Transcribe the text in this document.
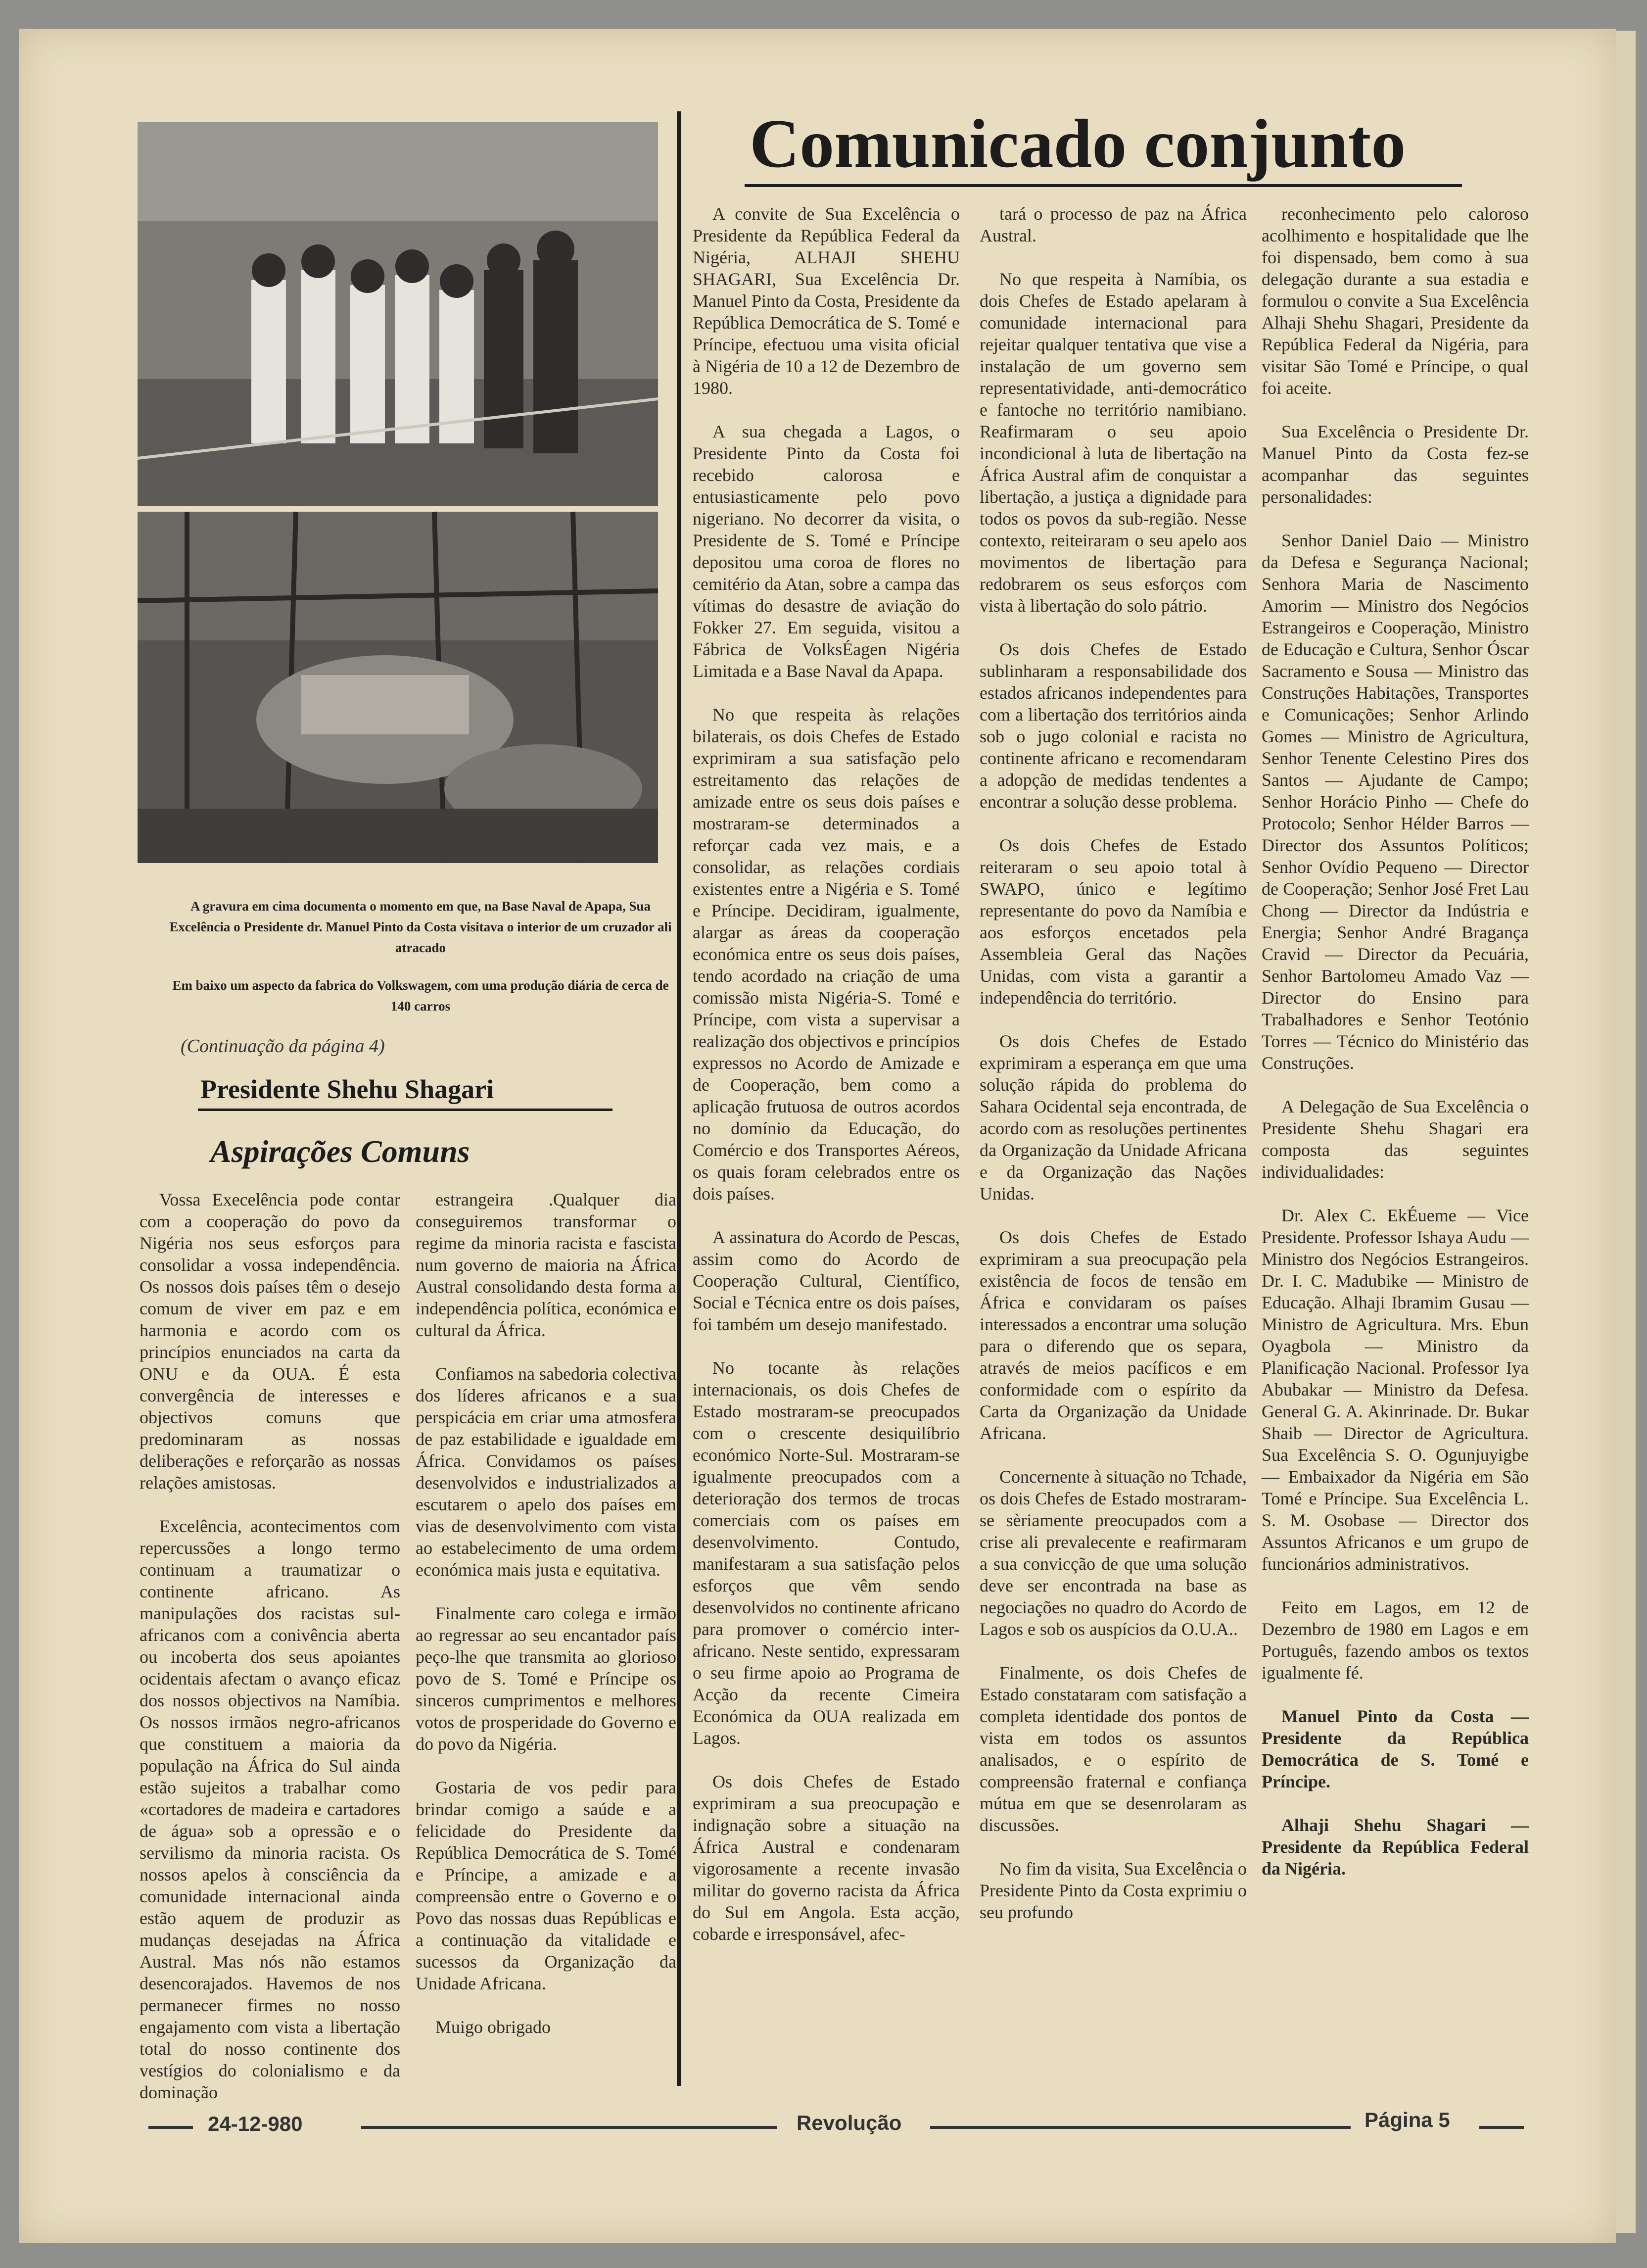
A gravura em cima documenta o momento em que, na Base Naval de Apapa, Sua Excelência o Presidente dr. Manuel Pinto da Costa visitava o interior de um cruzador ali atracado
Em baixo um aspecto da fabrica do Volkswagem, com uma produção diária de cerca de 140 carros
(Continuação da página 4)
Presidente Shehu Shagari
Aspirações Comuns

Vossa Execelência pode contar com a cooperação do povo da Nigéria nos seus esforços para consolidar a vossa independência. Os nossos dois países têm o desejo comum de viver em paz e em harmonia e acordo com os princípios enunciados na carta da ONU e da OUA. É esta convergência de interesses e objectivos comuns que predominaram as nossas deliberações e reforçarão as nossas relações amistosas.

Excelência, acontecimentos com repercussões a longo termo continuam a traumatizar o continente africano. As manipulações dos racistas sul-africanos com a conivência aberta ou incoberta dos seus apoiantes ocidentais afectam o avanço eficaz dos nossos objectivos na Namíbia. Os nossos irmãos negro-africanos que constituem a maioria da população na África do Sul ainda estão sujeitos a trabalhar como «cortadores de madeira e cartadores de água» sob a opressão e o servilismo da minoria racista. Os nossos apelos à consciência da comunidade internacional ainda estão aquem de produzir as mudanças desejadas na África Austral. Mas nós não estamos desencorajados. Havemos de nos permanecer firmes no nosso engajamento com vista a libertação total do nosso continente dos vestígios do colonialismo e da dominação

estrangeira .Qualquer dia conseguiremos transformar o regime da minoria racista e fascista num governo de maioria na África Austral consolidando desta forma a independência política, económica e cultural da África.

Confiamos na sabedoria colectiva dos líderes africanos e a sua perspicácia em criar uma atmosfera de paz estabilidade e igualdade em África. Convidamos os países desenvolvidos e industrializados a escutarem o apelo dos países em vias de desenvolvimento com vista ao estabelecimento de uma ordem económica mais justa e equitativa.

Finalmente caro colega e irmão ao regressar ao seu encantador país peço-lhe que transmita ao glorioso povo de S. Tomé e Príncipe os sinceros cumprimentos e melhores votos de prosperidade do Governo e do povo da Nigéria.

Gostaria de vos pedir para brindar comigo a saúde e a felicidade do Presidente da República Democrática de S. Tomé e Príncipe, a amizade e a compreensão entre o Governo e o Povo das nossas duas Repúblicas e a continuação da vitalidade e sucessos da Organização da Unidade Africana.

Muigo obrigado

Comunicado conjunto

A convite de Sua Excelência o Presidente da República Federal da Nigéria, ALHAJI SHEHU SHAGARI, Sua Excelência Dr. Manuel Pinto da Costa, Presidente da República Democrática de S. Tomé e Príncipe, efectuou uma visita oficial à Nigéria de 10 a 12 de Dezembro de 1980.

A sua chegada a Lagos, o Presidente Pinto da Costa foi recebido calorosa e entusiasticamente pelo povo nigeriano. No decorrer da visita, o Presidente de S. Tomé e Príncipe depositou uma coroa de flores no cemitério da Atan, sobre a campa das vítimas do desastre de aviação do Fokker 27. Em seguida, visitou a Fábrica de VolksÉagen Nigéria Limitada e a Base Naval da Apapa.

No que respeita às relações bilaterais, os dois Chefes de Estado exprimiram a sua satisfação pelo estreitamento das relações de amizade entre os seus dois países e mostraram-se determinados a reforçar cada vez mais, e a consolidar, as relações cordiais existentes entre a Nigéria e S. Tomé e Príncipe. Decidiram, igualmente, alargar as áreas da cooperação económica entre os seus dois países, tendo acordado na criação de uma comissão mista Nigéria-S. Tomé e Príncipe, com vista a supervisar a realização dos objectivos e princípios expressos no Acordo de Amizade e de Cooperação, bem como a aplicação frutuosa de outros acordos no domínio da Educação, do Comércio e dos Transportes Aéreos, os quais foram celebrados entre os dois países.

A assinatura do Acordo de Pescas, assim como do Acordo de Cooperação Cultural, Científico, Social e Técnica entre os dois países, foi também um desejo manifestado.

No tocante às relações internacionais, os dois Chefes de Estado mostraram-se preocupados com o crescente desiquilíbrio económico Norte-Sul. Mostraram-se igualmente preocupados com a deterioração dos termos de trocas comerciais com os países em desenvolvimento. Contudo, manifestaram a sua satisfação pelos esforços que vêm sendo desenvolvidos no continente africano para promover o comércio inter-africano. Neste sentido, expressaram o seu firme apoio ao Programa de Acção da recente Cimeira Económica da OUA realizada em Lagos.

Os dois Chefes de Estado exprimiram a sua preocupação e indignação sobre a situação na África Austral e condenaram vigorosamente a recente invasão militar do governo racista da África do Sul em Angola. Esta acção, cobarde e irresponsável, afec-

tará o processo de paz na África Austral.

No que respeita à Namíbia, os dois Chefes de Estado apelaram à comunidade internacional para rejeitar qualquer tentativa que vise a instalação de um governo sem representatividade, anti-democrático e fantoche no território namibiano. Reafirmaram o seu apoio incondicional à luta de libertação na África Austral afim de conquistar a libertação, a justiça a dignidade para todos os povos da sub-região. Nesse contexto, reiteiraram o seu apelo aos movimentos de libertação para redobrarem os seus esforços com vista à libertação do solo pátrio.

Os dois Chefes de Estado sublinharam a responsabilidade dos estados africanos independentes para com a libertação dos territórios ainda sob o jugo colonial e racista no continente africano e recomendaram a adopção de medidas tendentes a encontrar a solução desse problema.

Os dois Chefes de Estado reiteraram o seu apoio total à SWAPO, único e legítimo representante do povo da Namíbia e aos esforços encetados pela Assembleia Geral das Nações Unidas, com vista a garantir a independência do território.

Os dois Chefes de Estado exprimiram a esperança em que uma solução rápida do problema do Sahara Ocidental seja encontrada, de acordo com as resoluções pertinentes da Organização da Unidade Africana e da Organização das Nações Unidas.

Os dois Chefes de Estado exprimiram a sua preocupação pela existência de focos de tensão em África e convidaram os países interessados a encontrar uma solução para o diferendo que os separa, através de meios pacíficos e em conformidade com o espírito da Carta da Organização da Unidade Africana.

Concernente à situação no Tchade, os dois Chefes de Estado mostraram-se sèriamente preocupados com a crise ali prevalecente e reafirmaram a sua convicção de que uma solução deve ser encontrada na base as negociações no quadro do Acordo de Lagos e sob os auspícios da O.U.A..

Finalmente, os dois Chefes de Estado constataram com satisfação a completa identidade dos pontos de vista em todos os assuntos analisados, e o espírito de compreensão fraternal e confiança mútua em que se desenrolaram as discussões.

No fim da visita, Sua Excelência o Presidente Pinto da Costa exprimiu o seu profundo

reconhecimento pelo caloroso acolhimento e hospitalidade que lhe foi dispensado, bem como à sua delegação durante a sua estadia e formulou o convite a Sua Excelência Alhaji Shehu Shagari, Presidente da República Federal da Nigéria, para visitar São Tomé e Príncipe, o qual foi aceite.

Sua Excelência o Presidente Dr. Manuel Pinto da Costa fez-se acompanhar das seguintes personalidades:

Senhor Daniel Daio — Ministro da Defesa e Segurança Nacional; Senhora Maria de Nascimento Amorim — Ministro dos Negócios Estrangeiros e Cooperação, Ministro de Educação e Cultura, Senhor Óscar Sacramento e Sousa — Ministro das Construções Habitações, Transportes e Comunicações; Senhor Arlindo Gomes — Ministro de Agricultura, Senhor Tenente Celestino Pires dos Santos — Ajudante de Campo; Senhor Horácio Pinho — Chefe do Protocolo; Senhor Hélder Barros — Director dos Assuntos Políticos; Senhor Ovídio Pequeno — Director de Cooperação; Senhor José Fret Lau Chong — Director da Indústria e Energia; Senhor André Bragança Cravid — Director da Pecuária, Senhor Bartolomeu Amado Vaz — Director do Ensino para Trabalhadores e Senhor Teotónio Torres — Técnico do Ministério das Construções.

A Delegação de Sua Excelência o Presidente Shehu Shagari era composta das seguintes individualidades:

Dr. Alex C. EkÉueme — Vice Presidente. Professor Ishaya Audu — Ministro dos Negócios Estrangeiros. Dr. I. C. Madubike — Ministro de Educação. Alhaji Ibramim Gusau — Ministro de Agricultura. Mrs. Ebun Oyagbola — Ministro da Planificação Nacional. Professor Iya Abubakar — Ministro da Defesa. General G. A. Akinrinade. Dr. Bukar Shaib — Director de Agricultura. Sua Excelência S. O. Ogunjuyigbe — Embaixador da Nigéria em São Tomé e Príncipe. Sua Excelência L. S. M. Osobase — Director dos Assuntos Africanos e um grupo de funcionários administrativos.

Feito em Lagos, em 12 de Dezembro de 1980 em Lagos e em Português, fazendo ambos os textos igualmente fé.

Manuel Pinto da Costa — Presidente da República Democrática de S. Tomé e Príncipe.

Alhaji Shehu Shagari — Presidente da República Federal da Nigéria.

24-12-980	Revolução	Página 5
